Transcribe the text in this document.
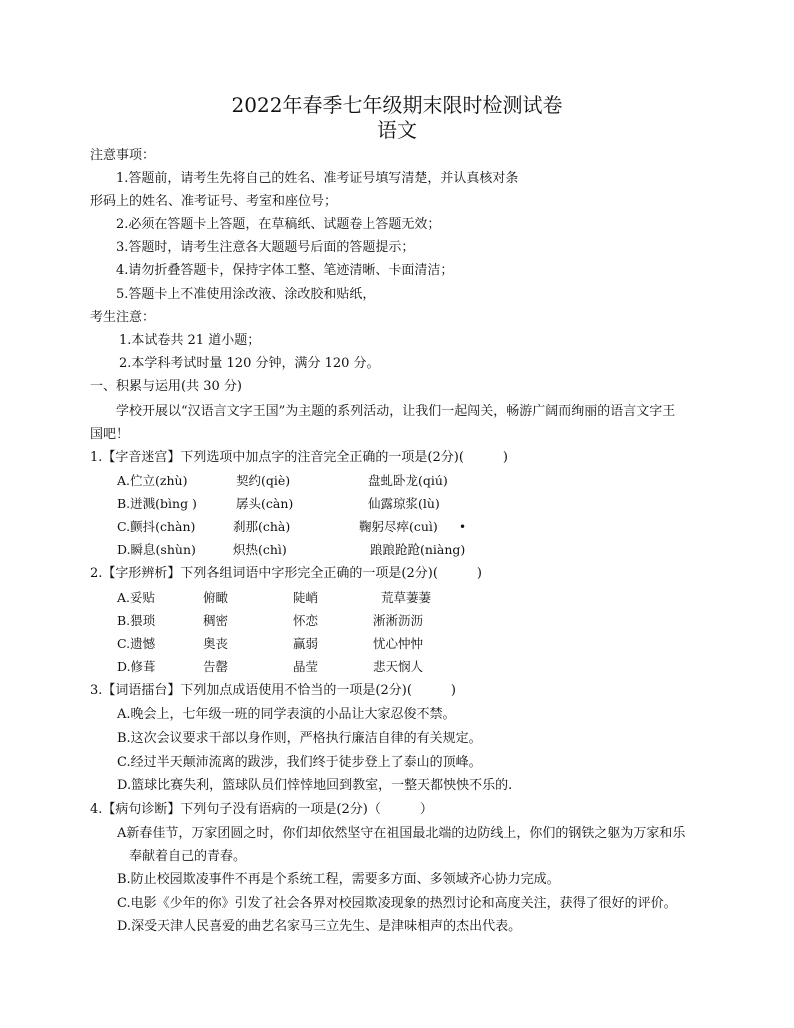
2022年春季七年级期末限时检测试卷
语文
注意事项：
1.答题前，请考生先将自己的姓名、准考证号填写清楚，并认真核对条
形码上的姓名、准考证号、考室和座位号；
2.必须在答题卡上答题，在草稿纸、试题卷上答题无效；
3.答题时，请考生注意各大题题号后面的答题提示；
4.请勿折叠答题卡，保持字体工整、笔迹清晰、卡面清洁；
5.答题卡上不准使用涂改液、涂改胶和贴纸，
考生注意：
1.本试卷共 21 道小题；
2.本学科考试时量 120 分钟，满分 120 分。
一、积累与运用(共 30 分)
学校开展以“汉语言文字王国”为主题的系列活动，让我们一起闯关，畅游广阔而绚丽的语言文字王
国吧！
1.【字音迷宫】下列选项中加点字的注音完全正确的一项是(2分)(　　　)
A.伫立(zhù)	契约(qiè)	盘虬卧龙(qiú)
B.迸溅(bìng )	孱头(càn)	仙露琼浆(lù)
C.颤抖(chàn)	刹那(chà)	鞠躬尽瘁(cuì) •
D.瞬息(shùn)	炽热(chì)	踉踉跄跄(niàng)
2.【字形辨析】下列各组词语中字形完全正确的一项是(2分)(　　　)
A.妥贴	俯瞰	陡峭	荒草萋萋
B.猥琐	稠密	怀恋	淅淅沥沥
C.遗憾	奥丧	赢弱	忧心忡忡
D.修葺	告罄	晶莹	悲天悯人
3.【词语擂台】下列加点成语使用不恰当的一项是(2分)(　　　)
A.晚会上，七年级一班的同学表演的小品让大家忍俊不禁。
B.这次会议要求干部以身作则，严格执行廉洁自律的有关规定。
C.经过半天颠沛流离的跋涉，我们终于徒步登上了泰山的顶峰。
D.篮球比赛失利，篮球队员们悻悻地回到教室，一整天都怏怏不乐的.
4.【病句诊断】下列句子没有语病的一项是(2分)（　　　）
A新春佳节，万家团圆之时，你们却依然坚守在祖国最北端的边防线上，你们的钢铁之躯为万家和乐
奉献着自己的青春。
B.防止校园欺凌事件不再是个系统工程，需要多方面、多领域齐心协力完成。
C.电影《少年的你》引发了社会各界对校园欺凌现象的热烈讨论和高度关注，获得了很好的评价。
D.深受天津人民喜爱的曲艺名家马三立先生、是津味相声的杰出代表。
